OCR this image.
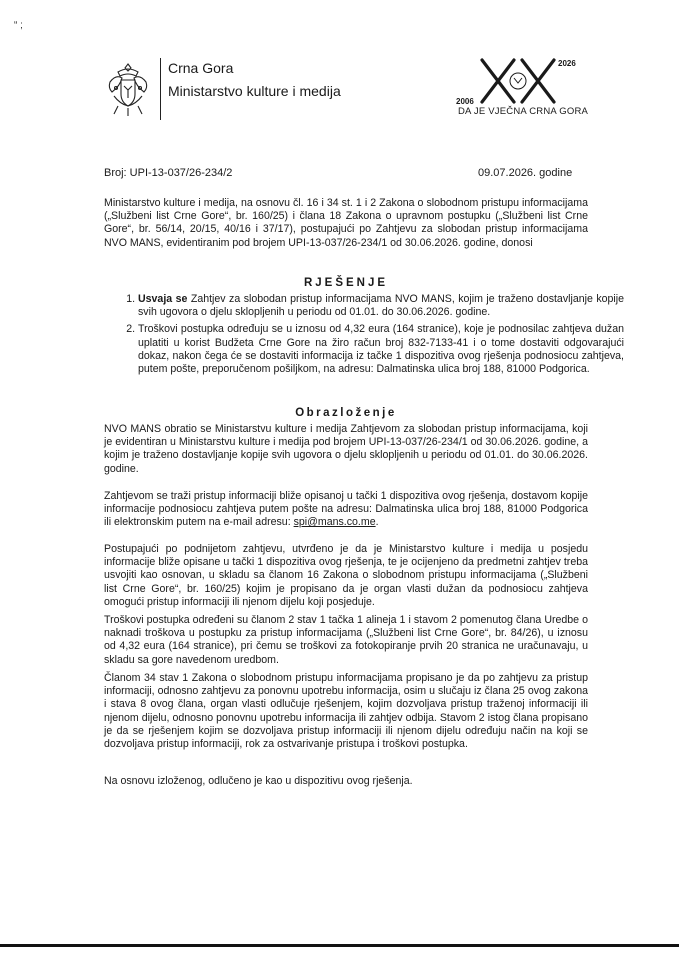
“ ;
Crna Gora
Ministarstvo kulture i medija
2026
2006
DA JE VJEČNA CRNA GORA
Broj: UPI-13-037/26-234/2	09.07.2026. godine
Ministarstvo kulture i medija, na osnovu čl. 16 i 34 st. 1 i 2 Zakona o slobodnom pristupu informacijama („Službeni list Crne Gore“, br. 160/25) i člana 18 Zakona o upravnom postupku („Službeni list Crne Gore“, br. 56/14, 20/15, 40/16 i 37/17), postupajući po Zahtjevu za slobodan pristup informacijama NVO MANS, evidentiranim pod brojem UPI-13-037/26-234/1 od 30.06.2026. godine, donosi
RJEŠENJE
1. Usvaja se Zahtjev za slobodan pristup informacijama NVO MANS, kojim je traženo dostavljanje kopije svih ugovora o djelu sklopljenih u periodu od 01.01. do 30.06.2026. godine.
2. Troškovi postupka određuju se u iznosu od 4,32 eura (164 stranice), koje je podnosilac zahtjeva dužan uplatiti u korist Budžeta Crne Gore na žiro račun broj 832-7133-41 i o tome dostaviti odgovarajući dokaz, nakon čega će se dostaviti informacija iz tačke 1 dispozitiva ovog rješenja podnosiocu zahtjeva, putem pošte, preporučenom pošiljkom, na adresu: Dalmatinska ulica broj 188, 81000 Podgorica.
Obrazloženje
NVO MANS obratio se Ministarstvu kulture i medija Zahtjevom za slobodan pristup informacijama, koji je evidentiran u Ministarstvu kulture i medija pod brojem UPI-13-037/26-234/1 od 30.06.2026. godine, a kojim je traženo dostavljanje kopije svih ugovora o djelu sklopljenih u periodu od 01.01. do 30.06.2026. godine.
Zahtjevom se traži pristup informaciji bliže opisanoj u tački 1 dispozitiva ovog rješenja, dostavom kopije informacije podnosiocu zahtjeva putem pošte na adresu: Dalmatinska ulica broj 188, 81000 Podgorica ili elektronskim putem na e-mail adresu: spi@mans.co.me.
Postupajući po podnijetom zahtjevu, utvrđeno je da je Ministarstvo kulture i medija u posjedu informacije bliže opisane u tački 1 dispozitiva ovog rješenja, te je ocijenjeno da predmetni zahtjev treba usvojiti kao osnovan, u skladu sa članom 16 Zakona o slobodnom pristupu informacijama („Službeni list Crne Gore“, br. 160/25) kojim je propisano da je organ vlasti dužan da podnosiocu zahtjeva omogući pristup informaciji ili njenom dijelu koji posjeduje.
Troškovi postupka određeni su članom 2 stav 1 tačka 1 alineja 1 i stavom 2 pomenutog člana Uredbe o naknadi troškova u postupku za pristup informacijama („Službeni list Crne Gore“, br. 84/26), u iznosu od 4,32 eura (164 stranice), pri čemu se troškovi za fotokopiranje prvih 20 stranica ne uračunavaju, u skladu sa gore navedenom uredbom.
Članom 34 stav 1 Zakona o slobodnom pristupu informacijama propisano je da po zahtjevu za pristup informaciji, odnosno zahtjevu za ponovnu upotrebu informacija, osim u slučaju iz člana 25 ovog zakona i stava 8 ovog člana, organ vlasti odlučuje rješenjem, kojim dozvoljava pristup traženoj informaciji ili njenom dijelu, odnosno ponovnu upotrebu informacija ili zahtjev odbija. Stavom 2 istog člana propisano je da se rješenjem kojim se dozvoljava pristup informaciji ili njenom dijelu određuju način na koji se dozvoljava pristup informaciji, rok za ostvarivanje pristupa i troškovi postupka.
Na osnovu izloženog, odlučeno je kao u dispozitivu ovog rješenja.
